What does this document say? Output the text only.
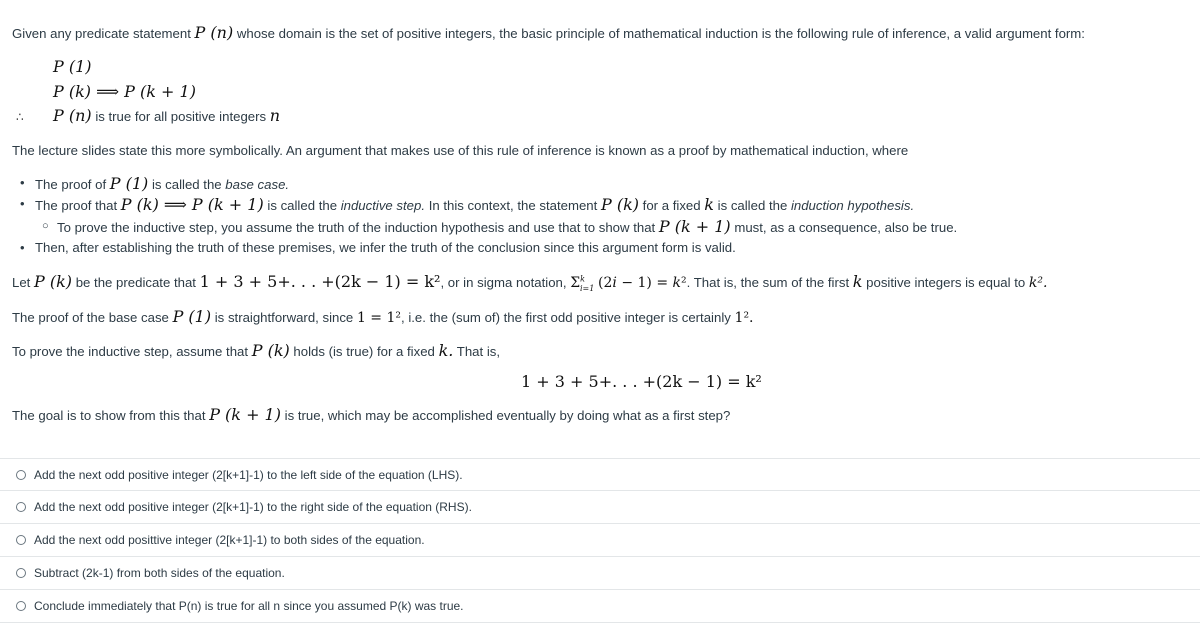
Given any predicate statement P (n) whose domain is the set of positive integers, the basic principle of mathematical induction is the following rule of inference, a valid argument form:
P (1)
P (k) ⟹ P (k + 1)
∴ P (n) is true for all positive integers n
The lecture slides state this more symbolically. An argument that makes use of this rule of inference is known as a proof by mathematical induction, where
• The proof of P (1) is called the base case.
• The proof that P (k) ⟹ P (k + 1) is called the inductive step. In this context, the statement P (k) for a fixed k is called the induction hypothesis.
○ To prove the inductive step, you assume the truth of the induction hypothesis and use that to show that P (k + 1) must, as a consequence, also be true.
• Then, after establishing the truth of these premises, we infer the truth of the conclusion since this argument form is valid.
Let P (k) be the predicate that 1 + 3 + 5+. . . +(2k − 1) = k², or in sigma notation, $\Sigma^k_{i=1}$ (2i − 1) = k². That is, the sum of the first k positive integers is equal to k².
The proof of the base case P (1) is straightforward, since 1 = 1², i.e. the (sum of) the first odd positive integer is certainly 1².
To prove the inductive step, assume that P (k) holds (is true) for a fixed k. That is,
1 + 3 + 5+. . . +(2k − 1) = k²
The goal is to show from this that P (k + 1) is true, which may be accomplished eventually by doing what as a first step?
Add the next odd positive integer (2[k+1]-1) to the left side of the equation (LHS).
Add the next odd positive integer (2[k+1]-1) to the right side of the equation (RHS).
Add the next odd posittive integer (2[k+1]-1) to both sides of the equation.
Subtract (2k-1) from both sides of the equation.
Conclude immediately that P(n) is true for all n since you assumed P(k) was true.
